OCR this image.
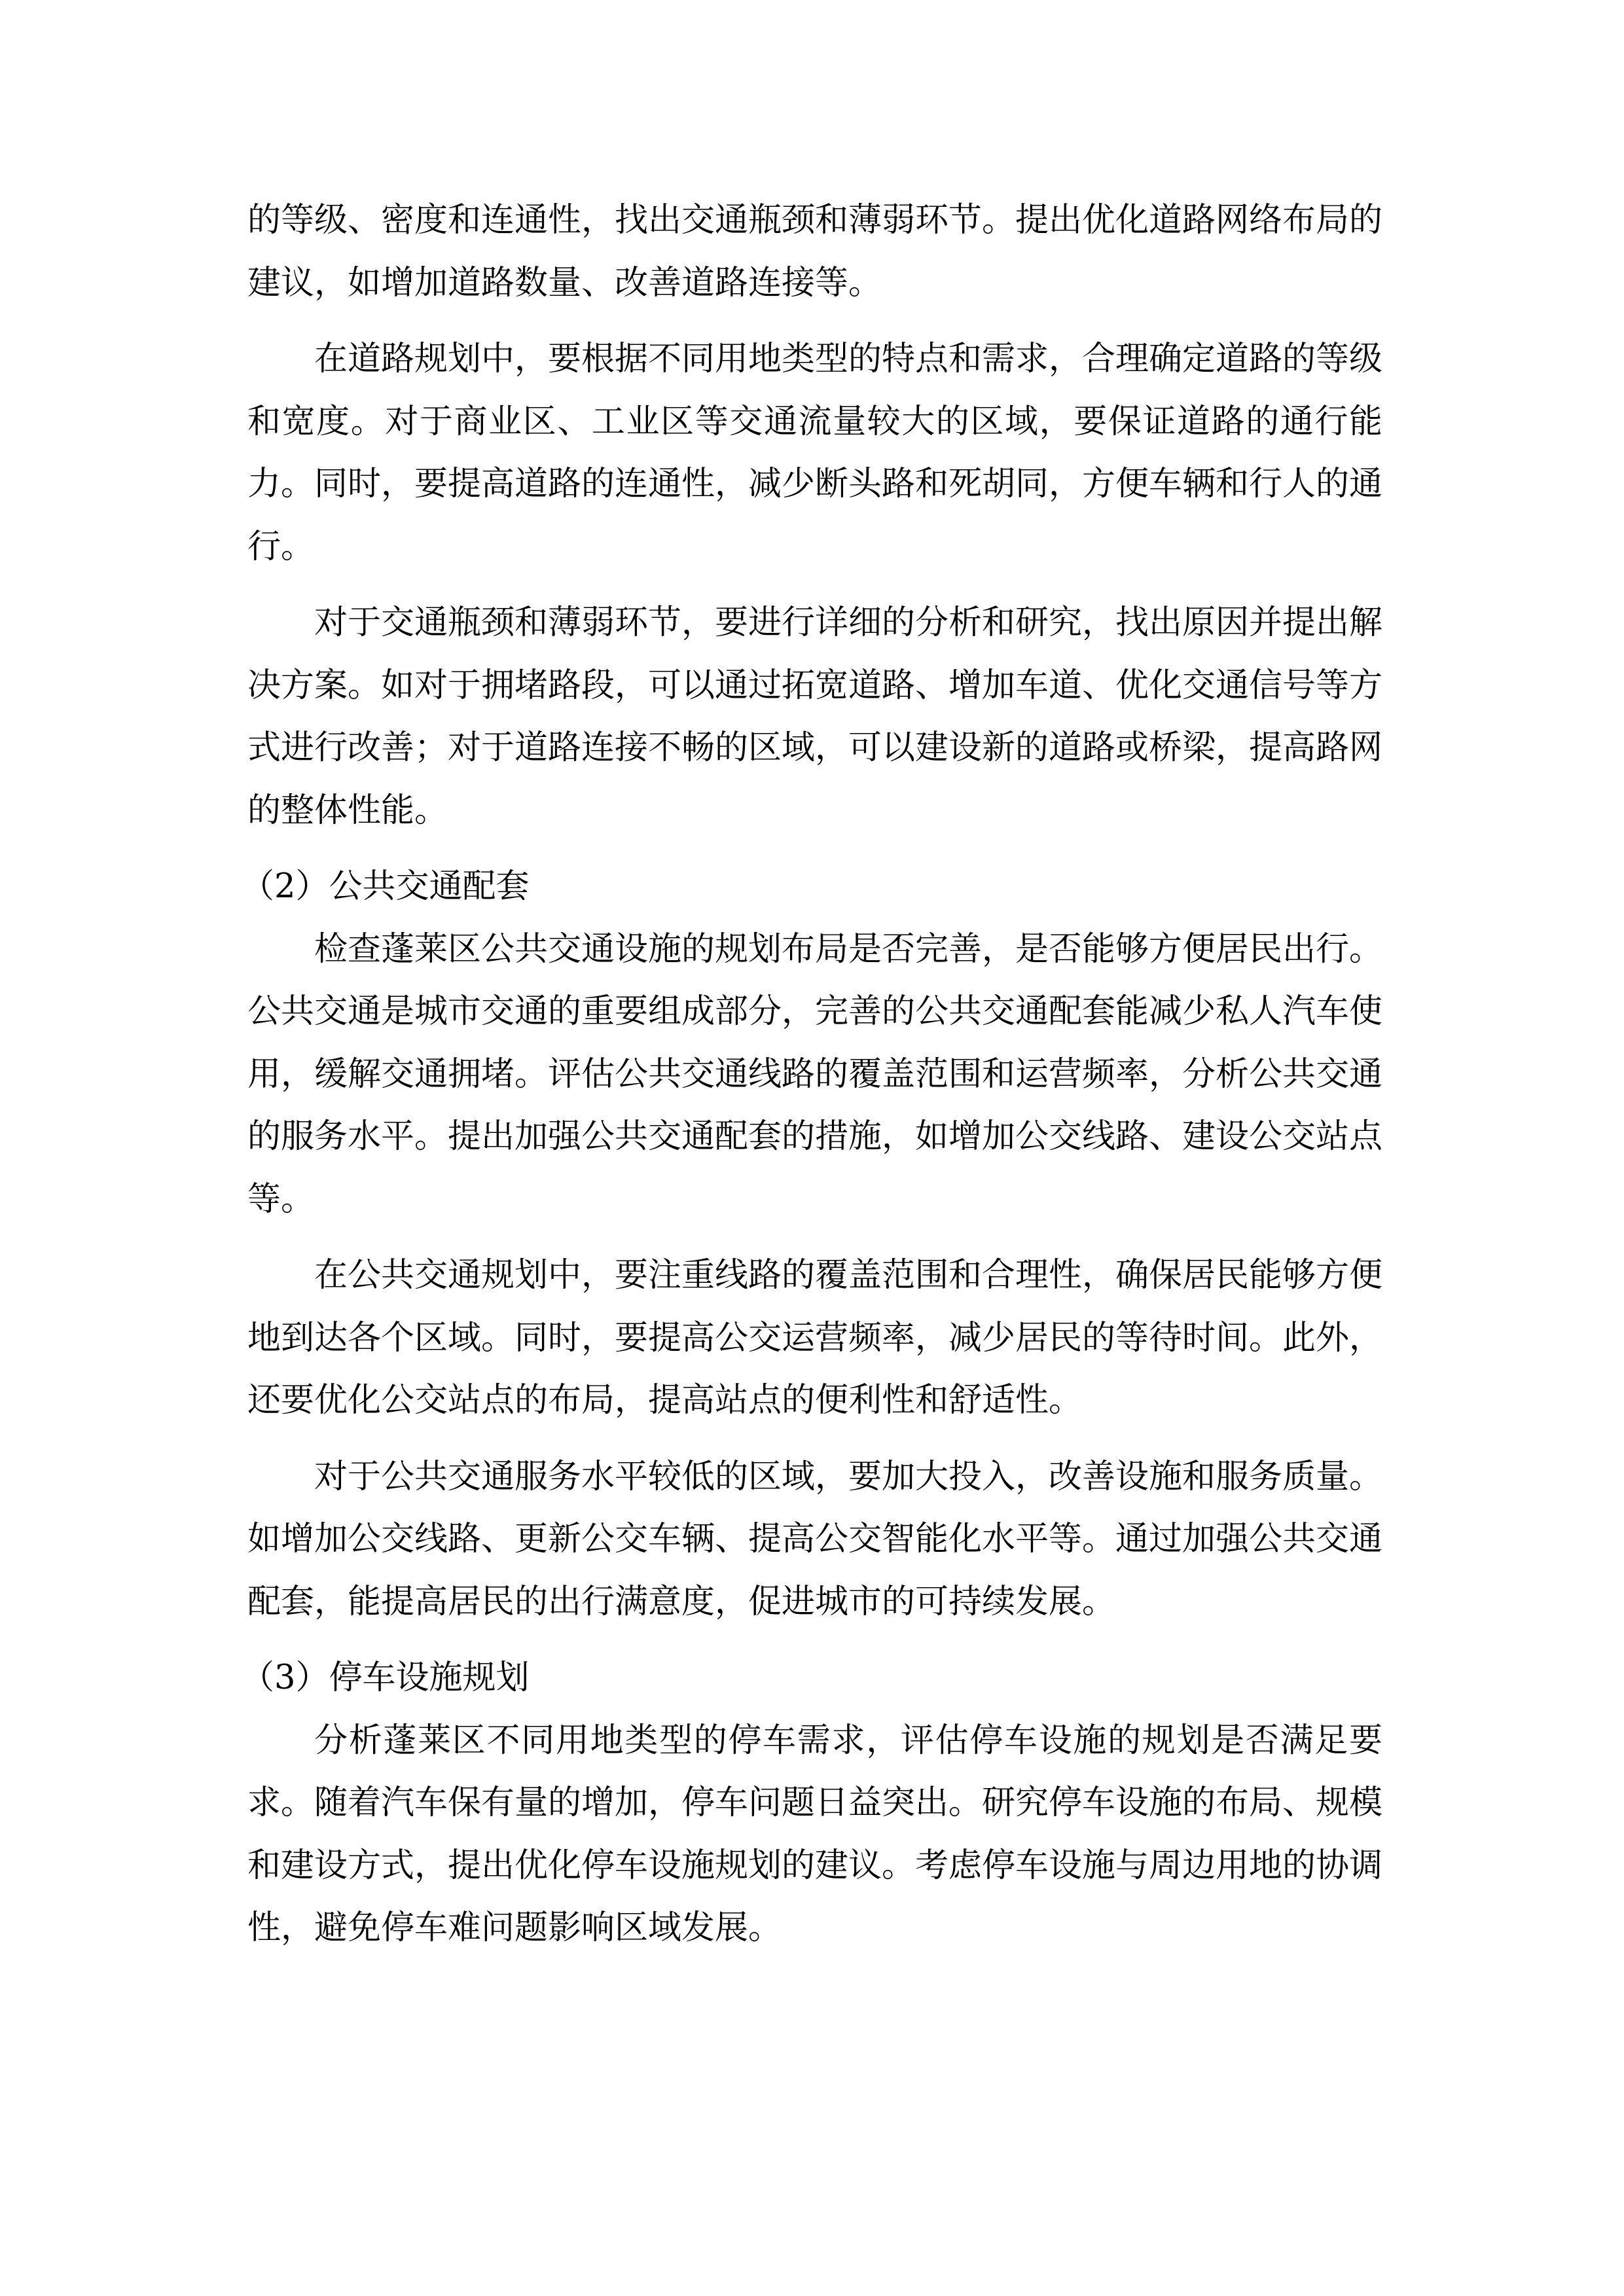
的等级、密度和连通性，找出交通瓶颈和薄弱环节。提出优化道路网络布局的建议，如增加道路数量、改善道路连接等。

在道路规划中，要根据不同用地类型的特点和需求，合理确定道路的等级和宽度。对于商业区、工业区等交通流量较大的区域，要保证道路的通行能力。同时，要提高道路的连通性，减少断头路和死胡同，方便车辆和行人的通行。

对于交通瓶颈和薄弱环节，要进行详细的分析和研究，找出原因并提出解决方案。如对于拥堵路段，可以通过拓宽道路、增加车道、优化交通信号等方式进行改善；对于道路连接不畅的区域，可以建设新的道路或桥梁，提高路网的整体性能。

（2）公共交通配套

检查蓬莱区公共交通设施的规划布局是否完善，是否能够方便居民出行。公共交通是城市交通的重要组成部分，完善的公共交通配套能减少私人汽车使用，缓解交通拥堵。评估公共交通线路的覆盖范围和运营频率，分析公共交通的服务水平。提出加强公共交通配套的措施，如增加公交线路、建设公交站点等。

在公共交通规划中，要注重线路的覆盖范围和合理性，确保居民能够方便地到达各个区域。同时，要提高公交运营频率，减少居民的等待时间。此外，还要优化公交站点的布局，提高站点的便利性和舒适性。

对于公共交通服务水平较低的区域，要加大投入，改善设施和服务质量。如增加公交线路、更新公交车辆、提高公交智能化水平等。通过加强公共交通配套，能提高居民的出行满意度，促进城市的可持续发展。

（3）停车设施规划

分析蓬莱区不同用地类型的停车需求，评估停车设施的规划是否满足要求。随着汽车保有量的增加，停车问题日益突出。研究停车设施的布局、规模和建设方式，提出优化停车设施规划的建议。考虑停车设施与周边用地的协调性，避免停车难问题影响区域发展。
